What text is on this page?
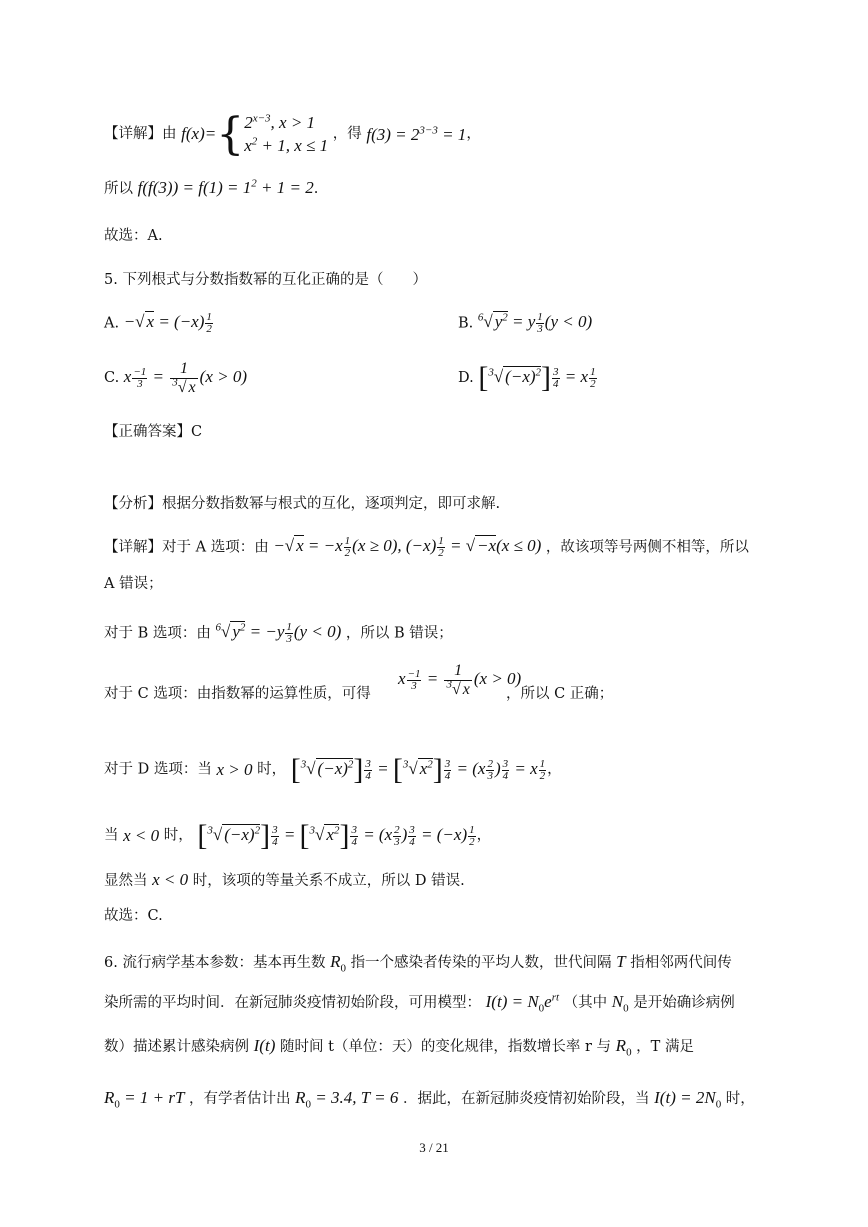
【详解】由 $f(x)=\{2^{x-3}$, x > 1
$x^2 + 1$, x ≤ 1 ，得 $f(3) = 2^{3-3} = 1$，
所以 $f(f(3)) = f(1) = 1^2 + 1 = 2$.
故选：A.
5. 下列根式与分数指数幂的互化正确的是（　　）
A. −√ $x = (-x) \frac{1}{2}$	B. $^6$√ $y^2 = y \frac{1}{3} (y < 0)$
C. x $\frac{-1}{3} = \frac{1}{^3√ x} (x > 0)$	D. [$^3$√ $(-x)^2] \frac{3}{4} = x \frac{1}{2}$
【正确答案】C
【分析】根据分数指数幂与根式的互化，逐项判定，即可求解.
【详解】对于 A 选项：由 −√ $x = -x \frac{1}{2} (x \ge 0)$, $(-x) \frac{1}{2}$ = √ −x(x ≤ 0) ，故该项等号两侧不相等，所以
A 错误；
对于 B 选项：由 $^6$√ $y^2 = -y \frac{1}{3} (y < 0)$ ，所以 B 错误；
对于 C 选项：由指数幂的运算性质，可得
x $\frac{-1}{3} = \frac{1}{^3√ x} (x > 0)$
，所以 C 正确；
对于 D 选项：当 x > 0 时， [$^3$√ $(-x)^2] \frac{3}{4} = [^3√$ $x^2] \frac{3}{4} = (x \frac{2}{3}$ ) $\frac{3}{4} = x \frac{1}{2}$ ，
当 x < 0 时， [$^3$√ $(-x)^2] \frac{3}{4} = [^3√$ $x^2] \frac{3}{4} = (x \frac{2}{3}$ ) $\frac{3}{4} = (-x) \frac{1}{2}$ ，
显然当 x < 0 时，该项的等量关系不成立，所以 D 错误.
故选：C.
6. 流行病学基本参数：基本再生数 $R_0$ 指一个感染者传染的平均人数，世代间隔 T 指相邻两代间传
染所需的平均时间．在新冠肺炎疫情初始阶段，可用模型： $I(t) = N_0e^{rt}$ （其中 $N_0$ 是开始确诊病例
数）描述累计感染病例 I(t) 随时间 t（单位：天）的变化规律，指数增长率 r 与 $R_0$ ，T 满足
$R_0 = 1$ + rT ，有学者估计出 $R_0 = 3.4$, T = 6 ．据此，在新冠肺炎疫情初始阶段，当 $I(t) = 2N_0$ 时，
3 / 21
